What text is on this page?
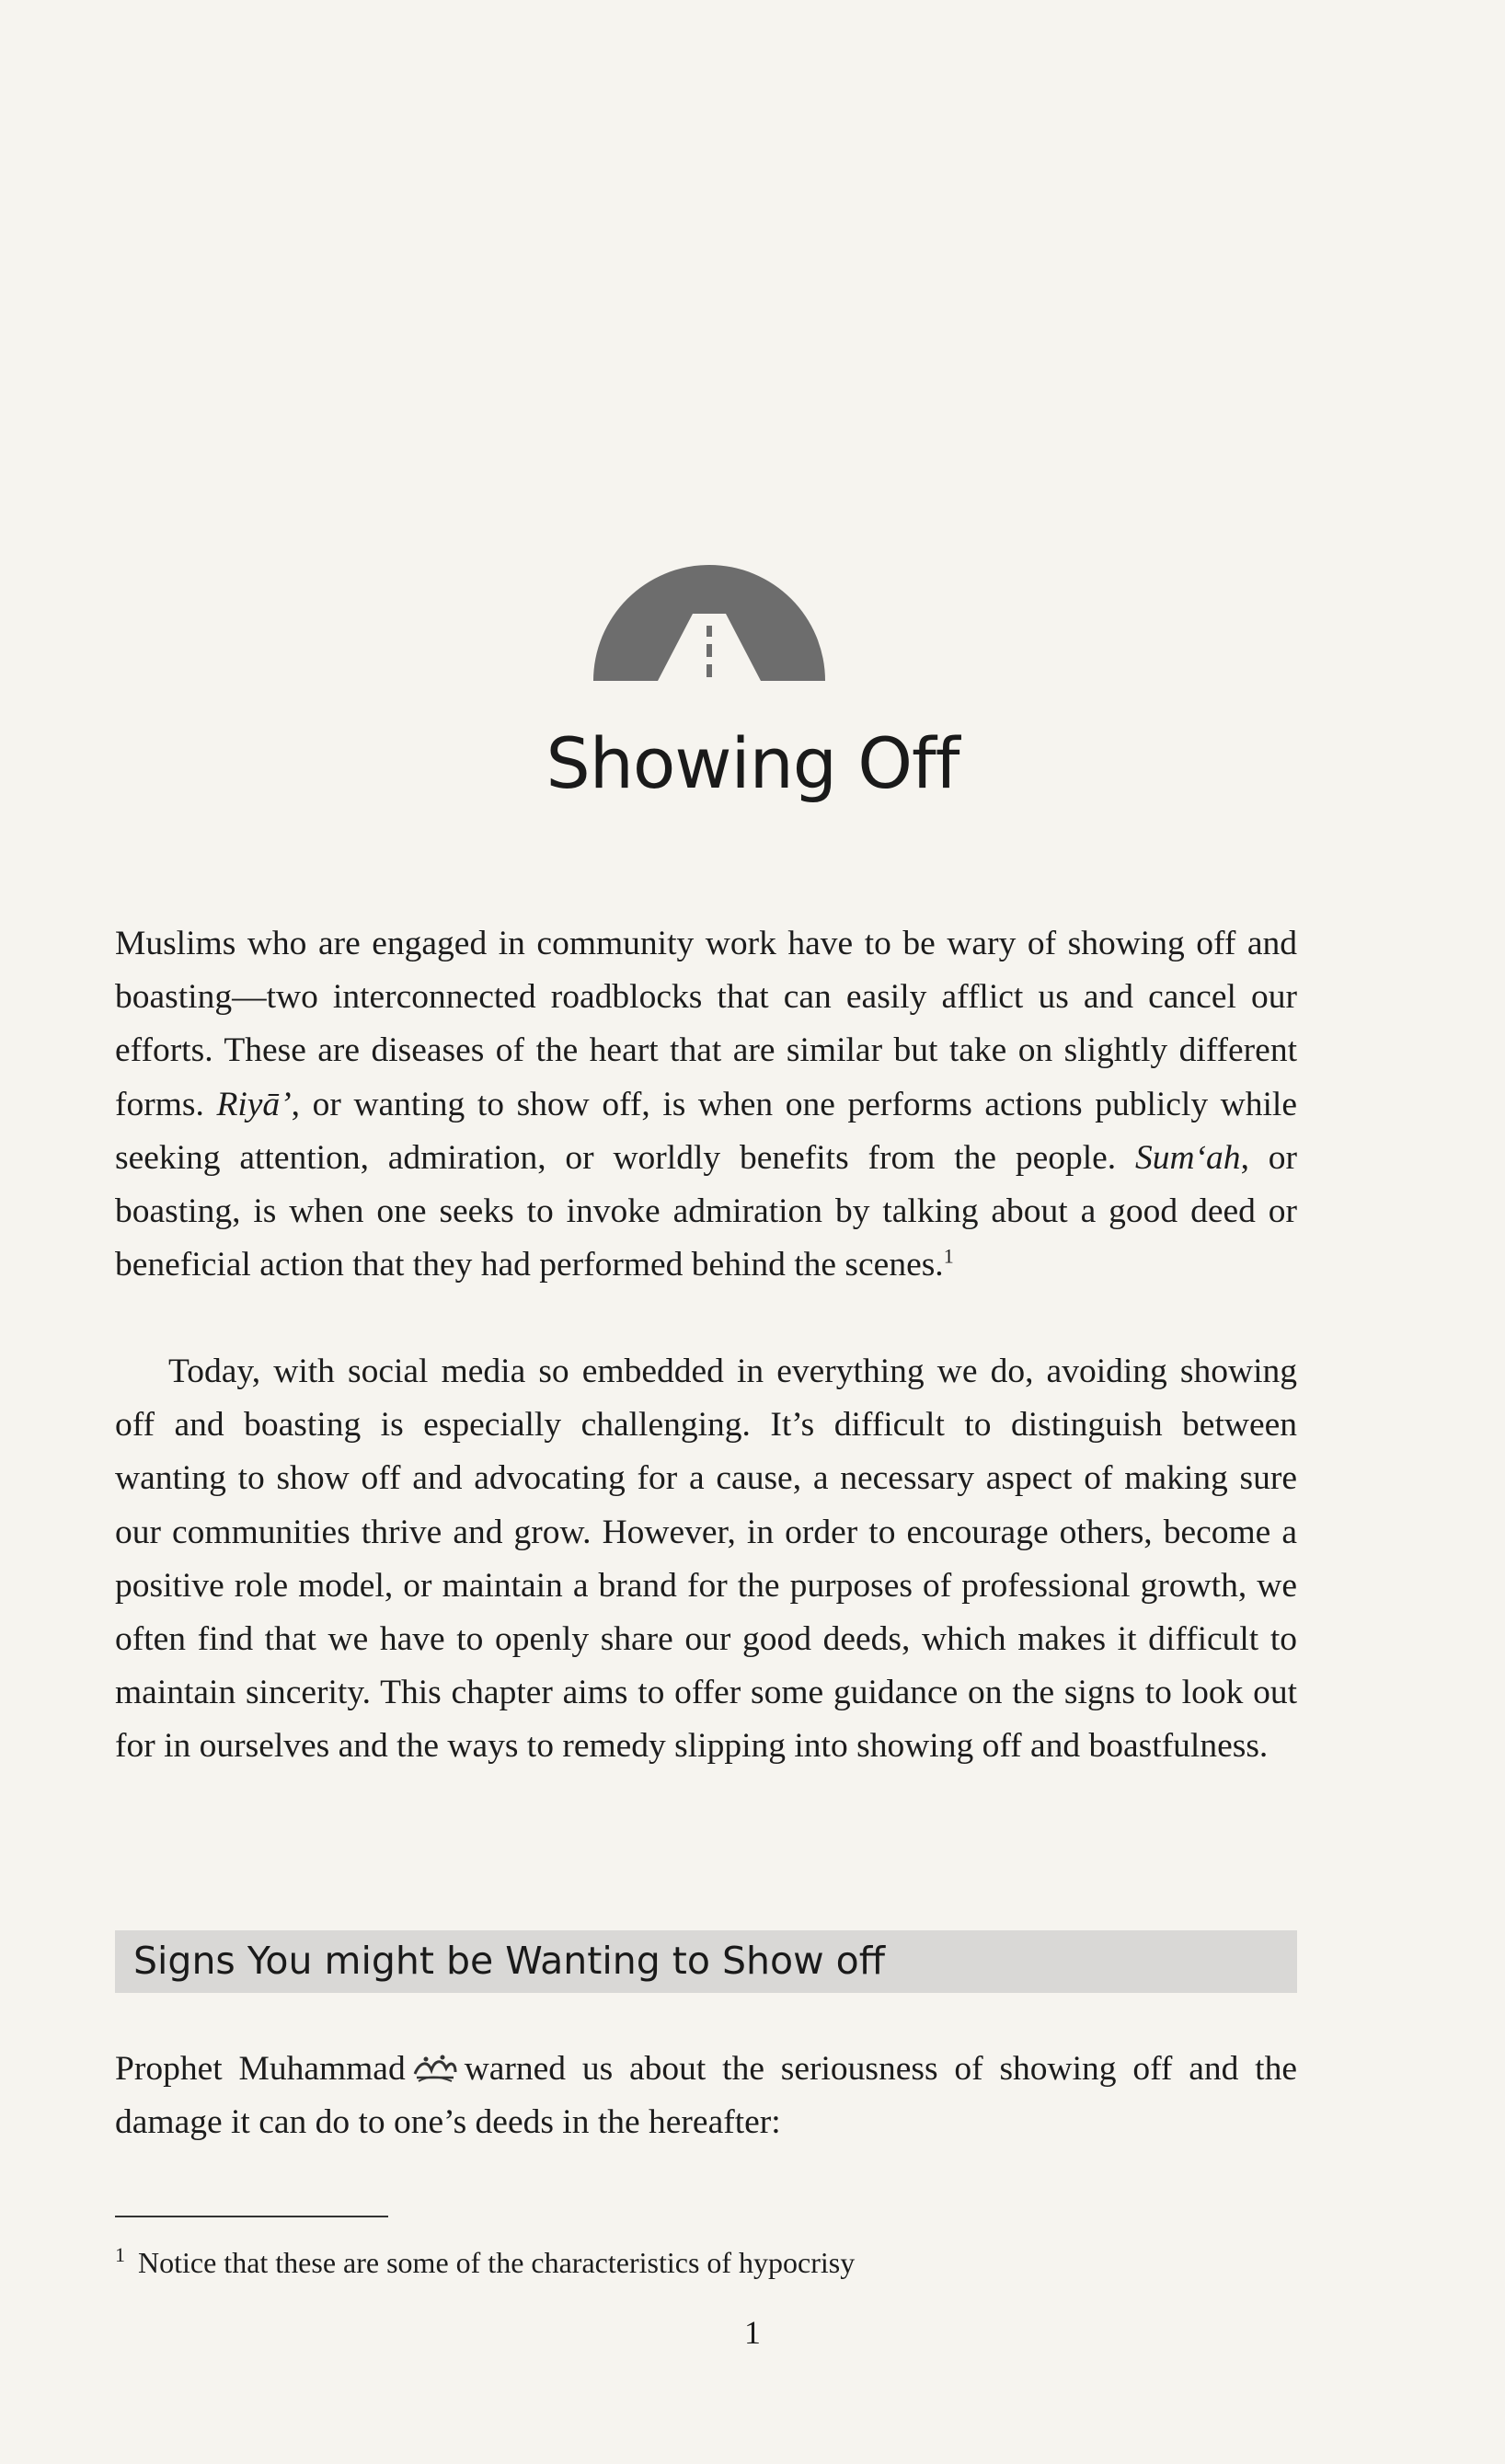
Showing Off

Muslims who are engaged in community work have to be wary of showing off and boasting—two interconnected roadblocks that can easily afflict us and cancel our efforts. These are diseases of the heart that are similar but take on slightly different forms. Riyā’, or wanting to show off, is when one performs actions publicly while seeking attention, admiration, or worldly benefits from the people. Sum‘ah, or boasting, is when one seeks to invoke admiration by talking about a good deed or beneficial action that they had performed behind the scenes.$^1$

Today, with social media so embedded in everything we do, avoiding showing off and boasting is especially challenging. It’s difficult to distinguish between wanting to show off and advocating for a cause, a necessary aspect of making sure our communities thrive and grow. However, in order to encourage others, become a positive role model, or maintain a brand for the purposes of professional growth, we often find that we have to openly share our good deeds, which makes it difficult to maintain sincerity. This chapter aims to offer some guidance on the signs to look out for in ourselves and the ways to remedy slipping into showing off and boastfulness.

Signs You might be Wanting to Show off

Prophet Muhammad warned us about the seriousness of showing off and the damage it can do to one’s deeds in the hereafter:

$^1$ Notice that these are some of the characteristics of hypocrisy
1
